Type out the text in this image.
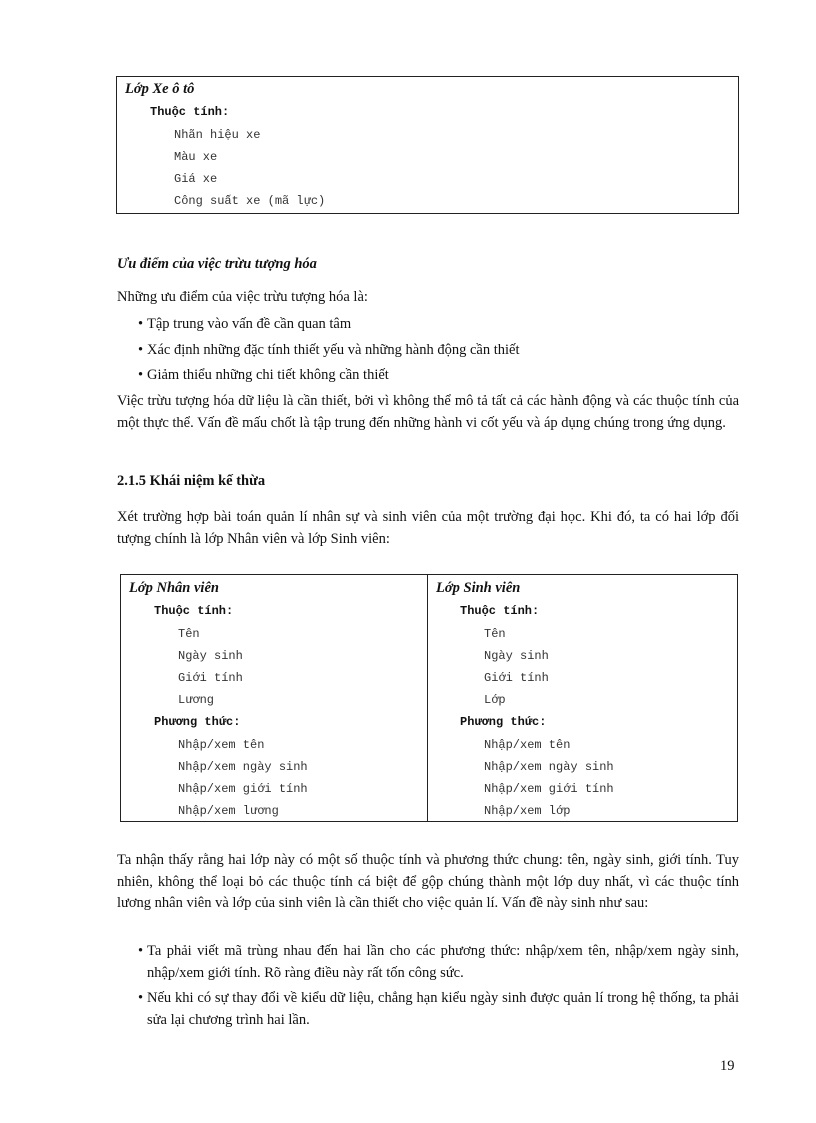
Lớp Xe ô tô
Thuộc tính:
Nhãn hiệu xe
Màu xe
Giá xe
Công suất xe (mã lực)
Ưu điểm của việc trừu tượng hóa
Những ưu điểm của việc trừu tượng hóa là:
• Tập trung vào vấn đề cần quan tâm
• Xác định những đặc tính thiết yếu và những hành động cần thiết
• Giảm thiểu những chi tiết không cần thiết
Việc trừu tượng hóa dữ liệu là cần thiết, bởi vì không thể mô tả tất cả các hành động và các thuộc tính của một thực thể. Vấn đề mấu chốt là tập trung đến những hành vi cốt yếu và áp dụng chúng trong ứng dụng.
2.1.5 Khái niệm kế thừa
Xét trường hợp bài toán quản lí nhân sự và sinh viên của một trường đại học. Khi đó, ta có hai lớp đối tượng chính là lớp Nhân viên và lớp Sinh viên:
Lớp Nhân viên
Thuộc tính:
Tên
Ngày sinh
Giới tính
Lương
Phương thức:
Nhập/xem tên
Nhập/xem ngày sinh
Nhập/xem giới tính
Nhập/xem lương
Lớp Sinh viên
Thuộc tính:
Tên
Ngày sinh
Giới tính
Lớp
Phương thức:
Nhập/xem tên
Nhập/xem ngày sinh
Nhập/xem giới tính
Nhập/xem lớp
Ta nhận thấy rằng hai lớp này có một số thuộc tính và phương thức chung: tên, ngày sinh, giới tính. Tuy nhiên, không thể loại bỏ các thuộc tính cá biệt để gộp chúng thành một lớp duy nhất, vì các thuộc tính lương nhân viên và lớp của sinh viên là cần thiết cho việc quản lí. Vấn đề này sinh như sau:
• Ta phải viết mã trùng nhau đến hai lần cho các phương thức: nhập/xem tên, nhập/xem ngày sinh, nhập/xem giới tính. Rõ ràng điều này rất tốn công sức.
• Nếu khi có sự thay đổi về kiểu dữ liệu, chẳng hạn kiểu ngày sinh được quản lí trong hệ thống, ta phải sửa lại chương trình hai lần.
19
